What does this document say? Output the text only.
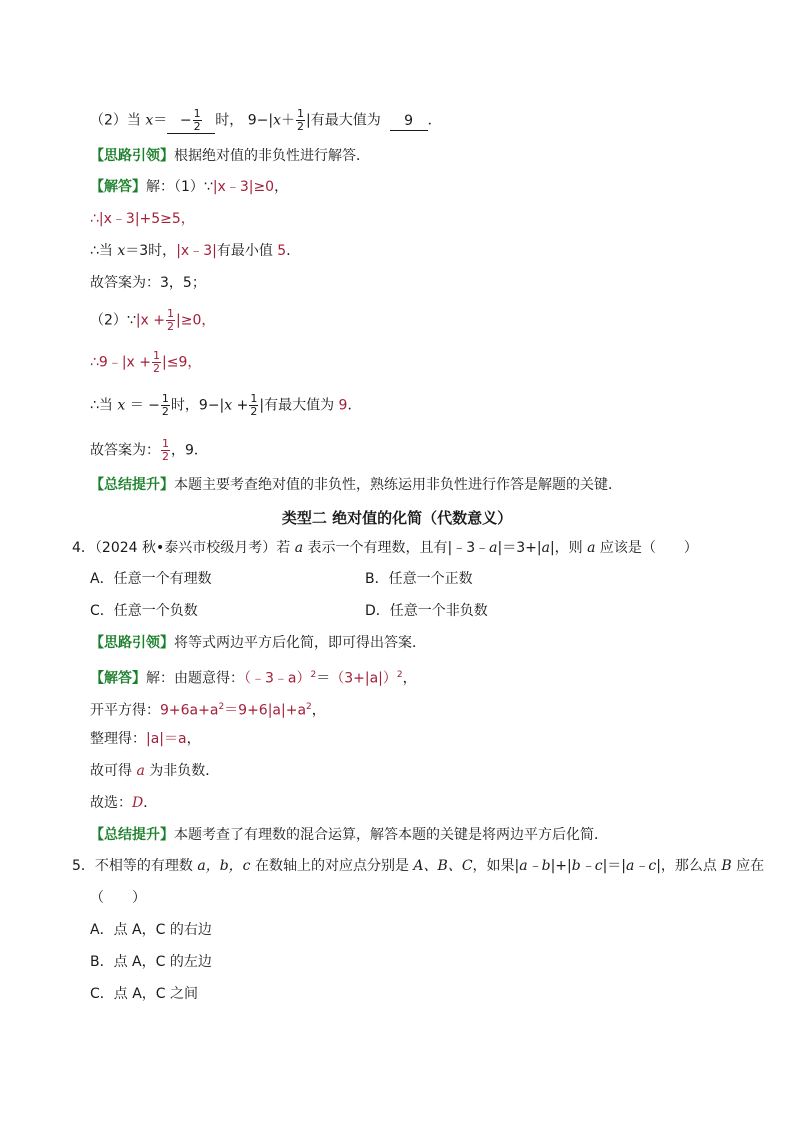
（2）当 $x= - \frac{1}{2}$ 时， $9-|x+ \frac{1}{2}$ |有最大值为 9 ．
【思路引领】根据绝对值的非负性进行解答．
【解答】解：（1）∵|x﹣3|≥0，
∴|x﹣3|+5≥5，
∴当 x＝3时，|x﹣3|有最小值 5．
故答案为：3，5；
（2）∵|x + $\frac{1}{2} |\ge 0$，
∴9﹣|x + $\frac{1}{2} |\le 9$，
∴当 x ＝ − $\frac{1}{2}$ 时，$9-|x + \frac{1}{2}$ |有最大值为 9．
故答案为： $\frac{1}{2}$ ，9．
【总结提升】本题主要考查绝对值的非负性，熟练运用非负性进行作答是解题的关键．
类型二 绝对值的化简（代数意义）
4．（2024 秋•泰兴市校级月考）若 a 表示一个有理数，且有|﹣3﹣a|＝3+|a|，则 a 应该是（　　）
A．任意一个有理数	B．任意一个正数
C．任意一个负数	D．任意一个非负数
【思路引领】将等式两边平方后化简，即可得出答案．
【解答】解：由题意得：$(﹣3﹣a)^2=(3+|a|)^2$，
开平方得：$9+6a+a^2=9+6|a|+a^2$，
整理得：|a|＝a，
故可得 a 为非负数．
故选：D．
【总结提升】本题考查了有理数的混合运算，解答本题的关键是将两边平方后化简．
5．不相等的有理数 a，b，c 在数轴上的对应点分别是 A、B、C，如果|a﹣b|+|b﹣c|＝|a﹣c|，那么点 B 应在
（　　）
A．点 A，C 的右边
B．点 A，C 的左边
C．点 A，C 之间
